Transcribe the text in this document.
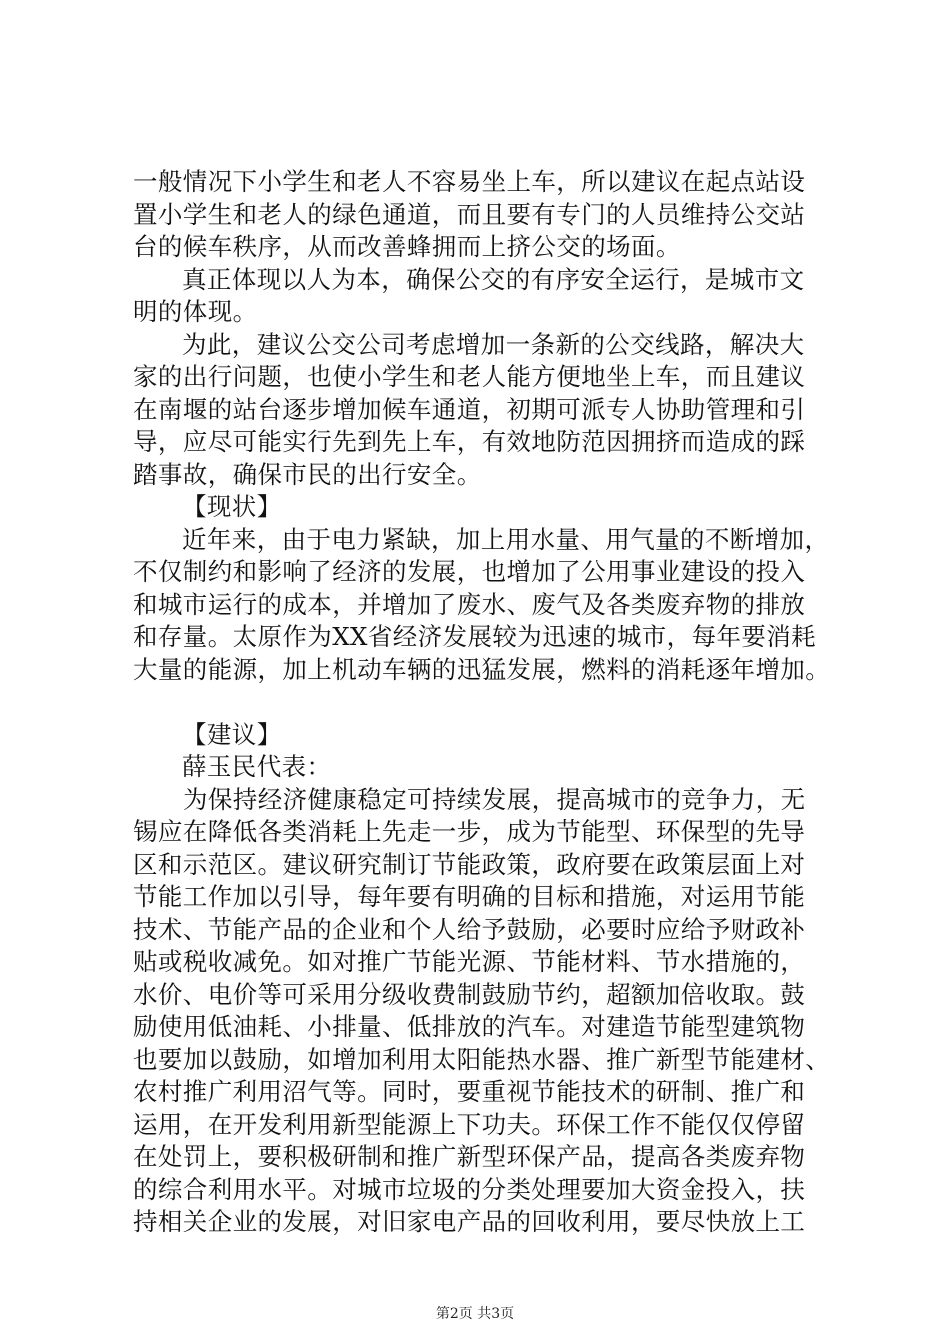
一般情况下小学生和老人不容易坐上车，所以建议在起点站设
置小学生和老人的绿色通道，而且要有专门的人员维持公交站
台的候车秩序，从而改善蜂拥而上挤公交的场面。
真正体现以人为本，确保公交的有序安全运行，是城市文
明的体现。
为此，建议公交公司考虑增加一条新的公交线路，解决大
家的出行问题，也使小学生和老人能方便地坐上车，而且建议
在南堰的站台逐步增加候车通道，初期可派专人协助管理和引
导，应尽可能实行先到先上车，有效地防范因拥挤而造成的踩
踏事故，确保市民的出行安全。
【现状】
近年来，由于电力紧缺，加上用水量、用气量的不断增加，
不仅制约和影响了经济的发展，也增加了公用事业建设的投入
和城市运行的成本，并增加了废水、废气及各类废弃物的排放
和存量。太原作为XX省经济发展较为迅速的城市，每年要消耗
大量的能源，加上机动车辆的迅猛发展，燃料的消耗逐年增加。
【建议】
薛玉民代表：
为保持经济健康稳定可持续发展，提高城市的竞争力，无
锡应在降低各类消耗上先走一步，成为节能型、环保型的先导
区和示范区。建议研究制订节能政策，政府要在政策层面上对
节能工作加以引导，每年要有明确的目标和措施，对运用节能
技术、节能产品的企业和个人给予鼓励，必要时应给予财政补
贴或税收减免。如对推广节能光源、节能材料、节水措施的，
水价、电价等可采用分级收费制鼓励节约，超额加倍收取。鼓
励使用低油耗、小排量、低排放的汽车。对建造节能型建筑物
也要加以鼓励，如增加利用太阳能热水器、推广新型节能建材、
农村推广利用沼气等。同时，要重视节能技术的研制、推广和
运用，在开发利用新型能源上下功夫。环保工作不能仅仅停留
在处罚上，要积极研制和推广新型环保产品，提高各类废弃物
的综合利用水平。对城市垃圾的分类处理要加大资金投入，扶
持相关企业的发展，对旧家电产品的回收利用，要尽快放上工
第2页 共3页
